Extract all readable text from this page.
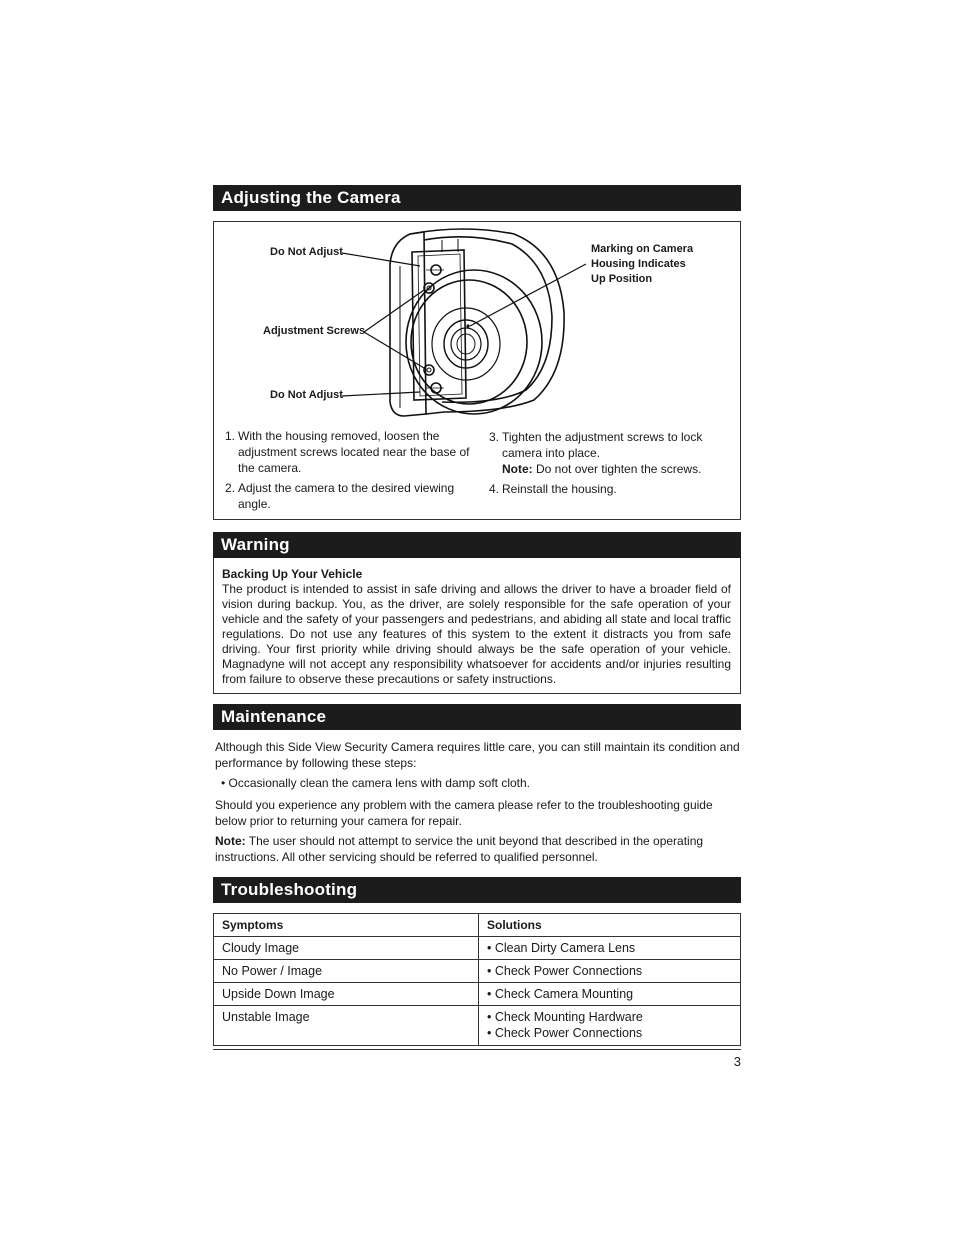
Adjusting the Camera
Do Not Adjust
Adjustment Screws
Do Not Adjust
Marking on Camera
Housing Indicates
Up Position
1. With the housing removed, loosen the adjustment screws located near the base of the camera.
2. Adjust the camera to the desired viewing angle.
3. Tighten the adjustment screws to lock camera into place.
Note: Do not over tighten the screws.
4. Reinstall the housing.
Warning
Backing Up Your Vehicle
The product is intended to assist in safe driving and allows the driver to have a broader field of vision during backup. You, as the driver, are solely responsible for the safe operation of your vehicle and the safety of your passengers and pedestrians, and abiding all state and local traffic regulations. Do not use any features of this system to the extent it distracts you from safe driving. Your first priority while driving should always be the safe operation of your vehicle. Magnadyne will not accept any responsibility whatsoever for accidents and/or injuries resulting from failure to observe these precautions or safety instructions.
Maintenance
Although this Side View Security Camera requires little care, you can still maintain its condition and performance by following these steps:
• Occasionally clean the camera lens with damp soft cloth.
Should you experience any problem with the camera please refer to the troubleshooting guide below prior to returning your camera for repair.
Note: The user should not attempt to service the unit beyond that described in the operating instructions. All other servicing should be referred to qualified personnel.
Troubleshooting
Symptoms	Solutions
Cloudy Image	• Clean Dirty Camera Lens

No Power / Image	• Check Power Connections

Upside Down Image	• Check Camera Mounting

Unstable Image	• Check Mounting Hardware
• Check Power Connections
3
